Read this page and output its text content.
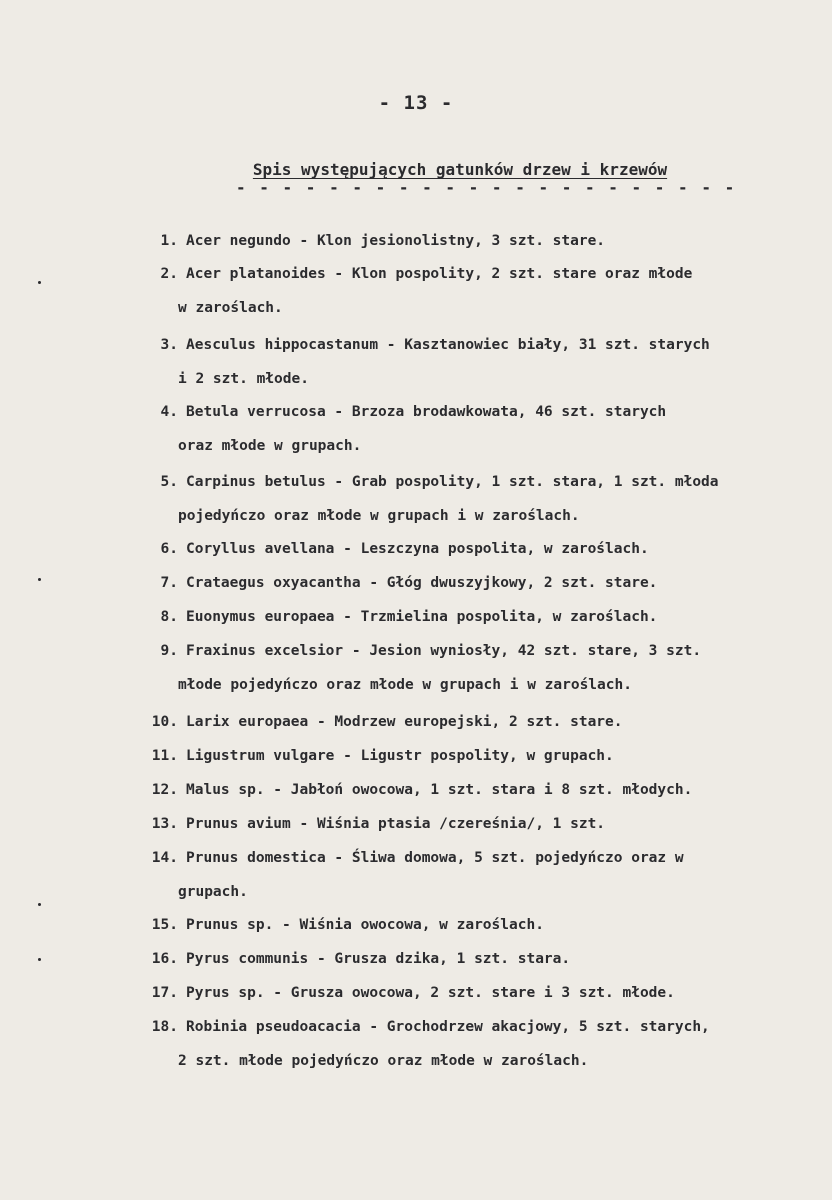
- 13 -
Spis występujących gatunków drzew i krzewów
- - - - - - - - - - - - - - - - - - - - - -
1. Acer negundo - Klon jesionolistny, 3 szt. stare.
2. Acer platanoides - Klon pospolity, 2 szt. stare oraz młode
w zaroślach.
3. Aesculus hippocastanum - Kasztanowiec biały, 31 szt. starych
i 2 szt. młode.
4. Betula verrucosa - Brzoza brodawkowata, 46 szt. starych
oraz młode w grupach.
5. Carpinus betulus - Grab pospolity, 1 szt. stara, 1 szt. młoda
pojedyńczo oraz młode w grupach i w zaroślach.
6. Coryllus avellana - Leszczyna pospolita, w zaroślach.
7. Crataegus oxyacantha - Głóg dwuszyjkowy, 2 szt. stare.
8. Euonymus europaea - Trzmielina pospolita, w zaroślach.
9. Fraxinus excelsior - Jesion wyniosły, 42 szt. stare, 3 szt.
młode pojedyńczo oraz młode w grupach i w zaroślach.
10. Larix europaea - Modrzew europejski, 2 szt. stare.
11. Ligustrum vulgare - Ligustr pospolity, w grupach.
12. Malus sp. - Jabłoń owocowa, 1 szt. stara i 8 szt. młodych.
13. Prunus avium - Wiśnia ptasia /czereśnia/, 1 szt.
14. Prunus domestica - Śliwa domowa, 5 szt. pojedyńczo oraz w
grupach.
15. Prunus sp. - Wiśnia owocowa, w zaroślach.
16. Pyrus communis - Grusza dzika, 1 szt. stara.
17. Pyrus sp. - Grusza owocowa, 2 szt. stare i 3 szt. młode.
18. Robinia pseudoacacia - Grochodrzew akacjowy, 5 szt. starych,
2 szt. młode pojedyńczo oraz młode w zaroślach.
